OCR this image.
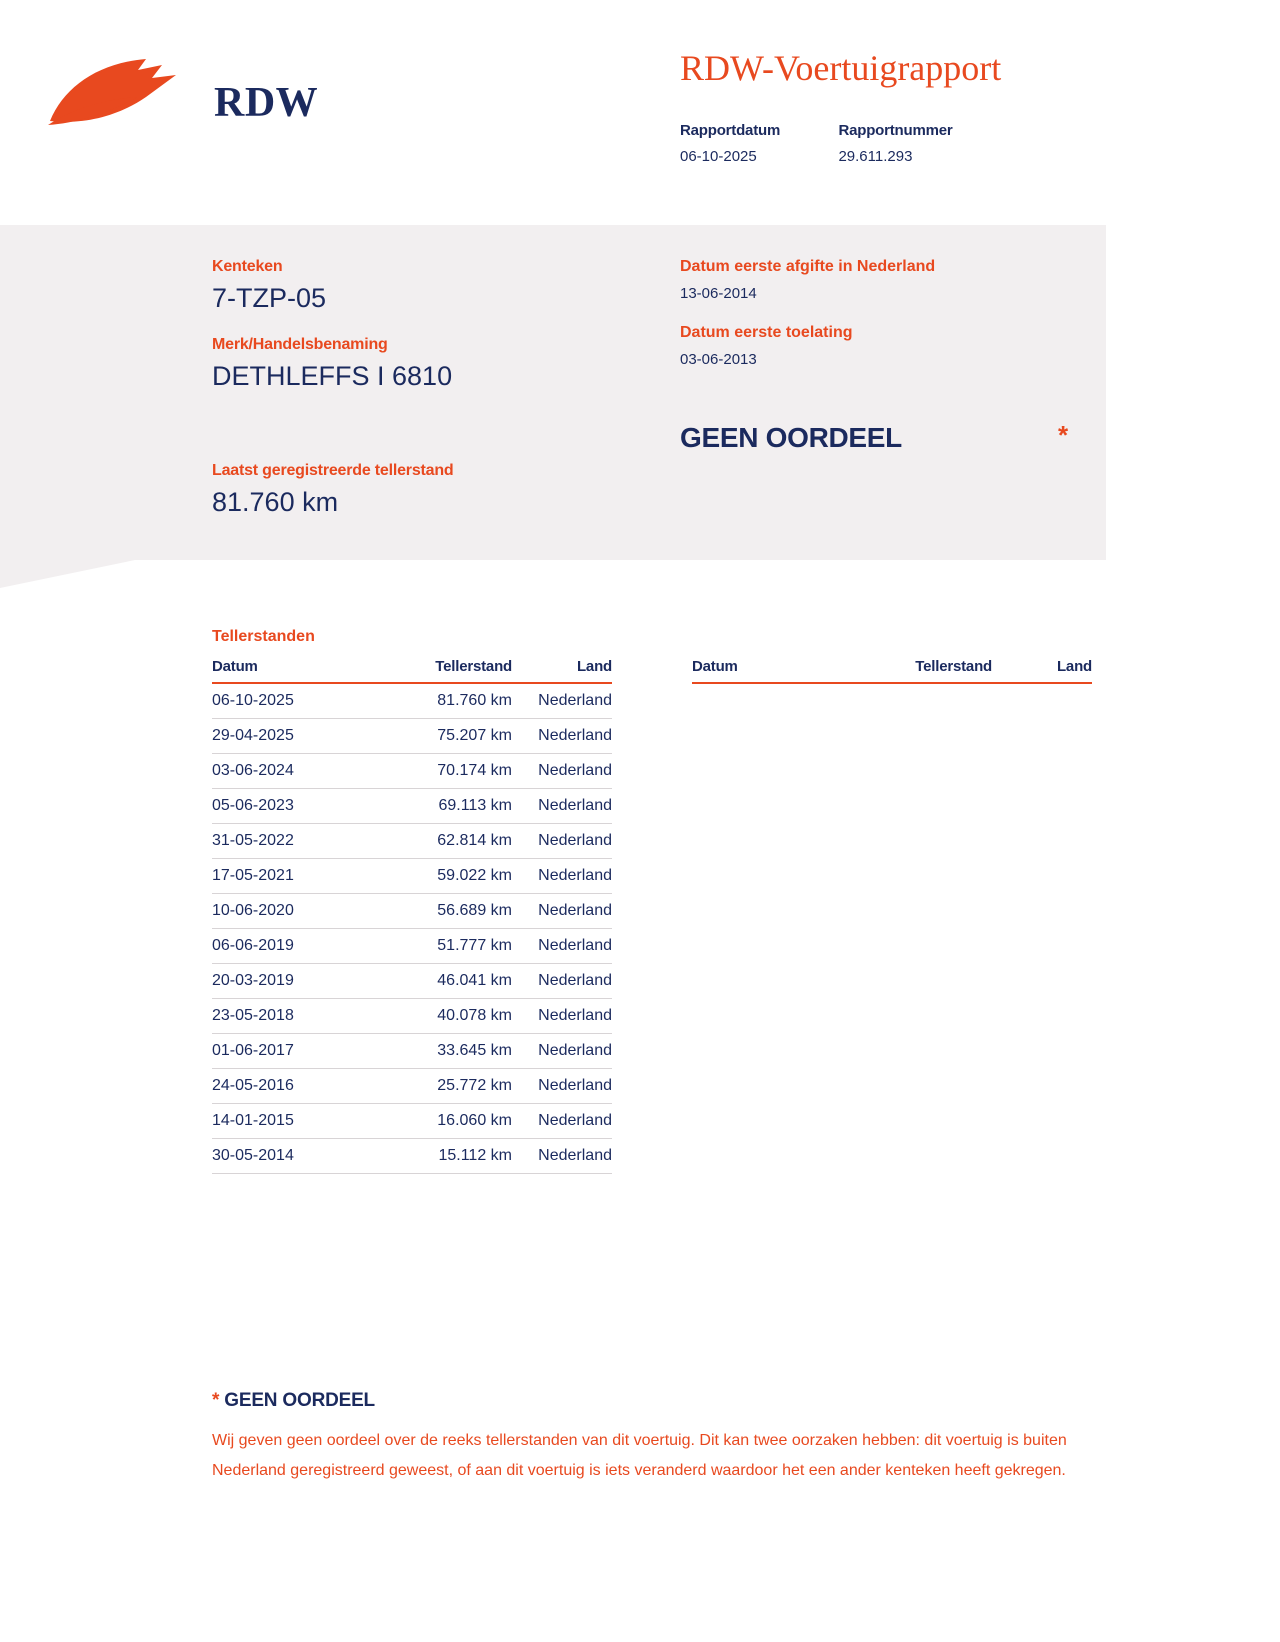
RDW
RDW-Voertuigrapport
Rapportdatum
06-10-2025

Rapportnummer
29.611.293
Kenteken
7-TZP-05
Merk/Handelsbenaming
DETHLEFFS I 6810
Laatst geregistreerde tellerstand
81.760 km
Datum eerste afgifte in Nederland
13-06-2014
Datum eerste toelating
03-06-2013
GEEN OORDEEL	*
Tellerstanden
Datum	Tellerstand	Land
06-10-2025	81.760 km	Nederland
29-04-2025	75.207 km	Nederland
03-06-2024	70.174 km	Nederland
05-06-2023	69.113 km	Nederland
31-05-2022	62.814 km	Nederland
17-05-2021	59.022 km	Nederland
10-06-2020	56.689 km	Nederland
06-06-2019	51.777 km	Nederland
20-03-2019	46.041 km	Nederland
23-05-2018	40.078 km	Nederland
01-06-2017	33.645 km	Nederland
24-05-2016	25.772 km	Nederland
14-01-2015	16.060 km	Nederland
30-05-2014	15.112 km	Nederland
Datum	Tellerstand	Land
* GEEN OORDEEL
Wij geven geen oordeel over de reeks tellerstanden van dit voertuig. Dit kan twee oorzaken hebben: dit voertuig is buiten Nederland geregistreerd geweest, of aan dit voertuig is iets veranderd waardoor het een ander kenteken heeft gekregen.
